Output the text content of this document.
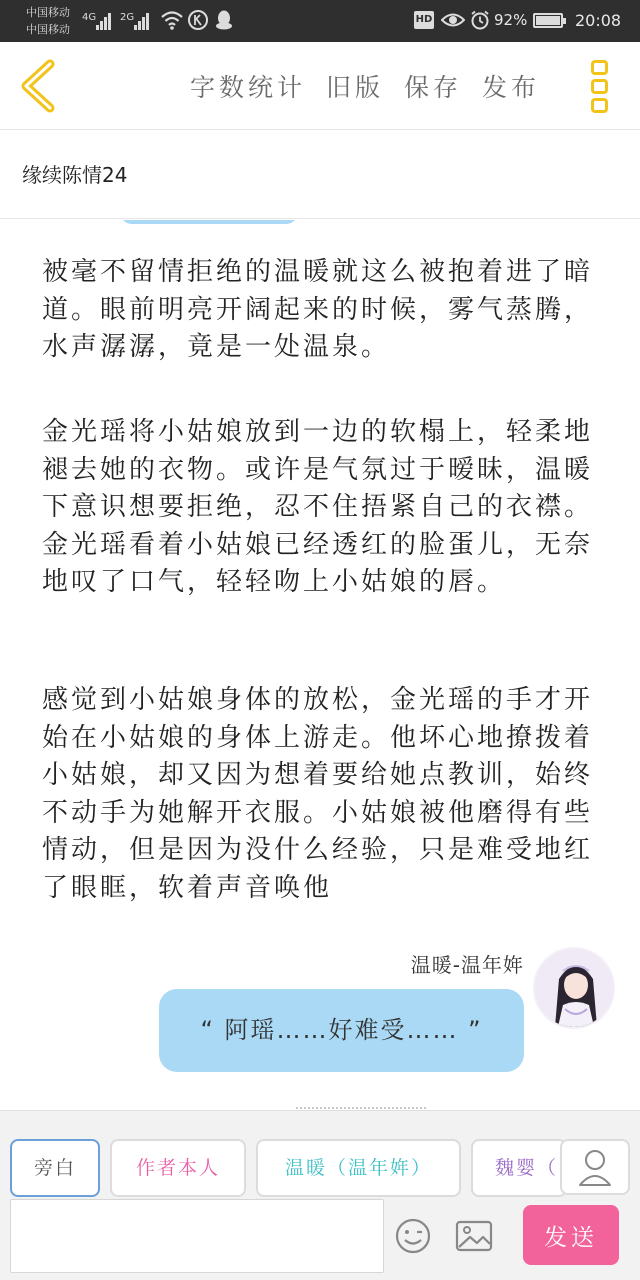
中国移动
中国移动
4G 2G	HD	92%	20:08
字数统计 旧版 保存 发布
缘续陈情24

被毫不留情拒绝的温暖就这么被抱着进了暗道。眼前明亮开阔起来的时候，雾气蒸腾，水声潺潺，竟是一处温泉。

金光瑶将小姑娘放到一边的软榻上，轻柔地褪去她的衣物。或许是气氛过于暧昧，温暖下意识想要拒绝，忍不住捂紧自己的衣襟。金光瑶看着小姑娘已经透红的脸蛋儿，无奈地叹了口气，轻轻吻上小姑娘的唇。

感觉到小姑娘身体的放松，金光瑶的手才开始在小姑娘的身体上游走。他坏心地撩拨着小姑娘，却又因为想着要给她点教训，始终不动手为她解开衣服。小姑娘被他磨得有些情动，但是因为没什么经验，只是难受地红了眼眶，软着声音唤他

温暖-温年姩
“ 阿瑶……好难受…… ”
旁白	作者本人	温暖（温年姩）	魏婴（
发送
